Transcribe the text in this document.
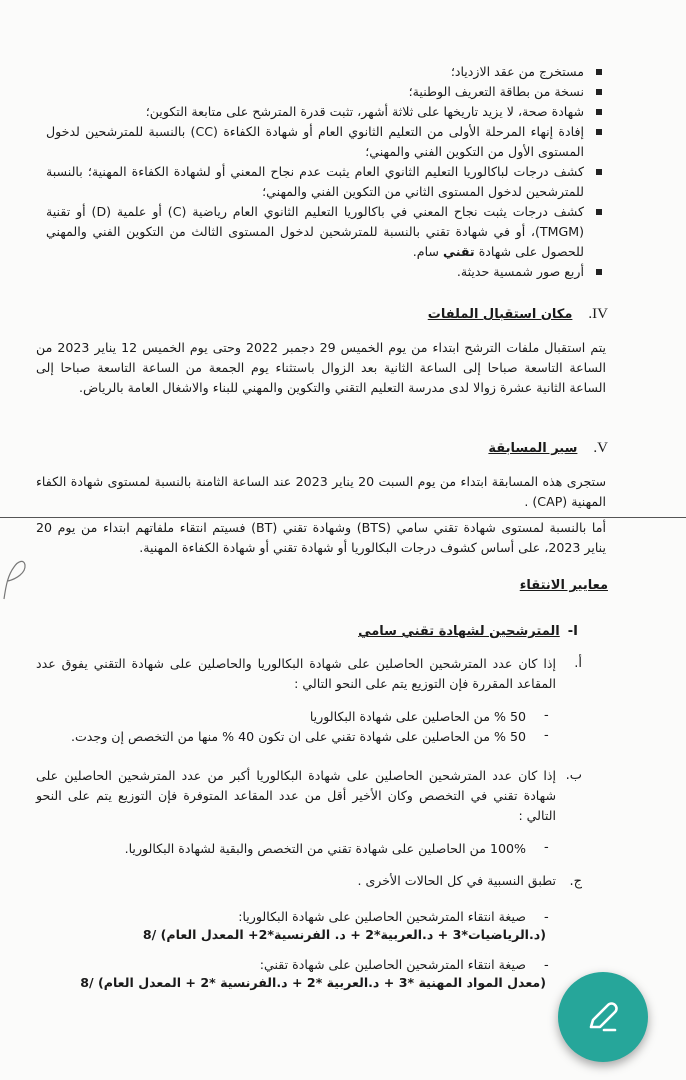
مستخرج من عقد الازدياد؛
نسخة من بطاقة التعريف الوطنية؛
شهادة صحة، لا يزيد تاريخها على ثلاثة أشهر، تثبت قدرة المترشح على متابعة التكوين؛
إفادة إنهاء المرحلة الأولى من التعليم الثانوي العام أو شهادة الكفاءة (CC) بالنسبة للمترشحين لدخول المستوى الأول من التكوين الفني والمهني؛
كشف درجات لباكالوريا التعليم الثانوي العام يثبت عدم نجاح المعني أو لشهادة الكفاءة المهنية؛ بالنسبة للمترشحين لدخول المستوى الثاني من التكوين الفني والمهني؛
كشف درجات يثبت نجاح المعني في باكالوريا التعليم الثانوي العام رياضية (C) أو علمية (D) أو تقنية (TMGM)، أو في شهادة تقني بالنسبة للمترشحين لدخول المستوى الثالث من التكوين الفني والمهني للحصول على شهادة تقني سام.
أربع صور شمسية حديثة.
IV.مكان استقبال الملفات
يتم استقبال ملفات الترشح ابتداء من يوم الخميس 29 دجمبر 2022 وحتى يوم الخميس 12 يناير 2023 من الساعة التاسعة صباحا إلى الساعة الثانية بعد الزوال باستثناء يوم الجمعة من الساعة التاسعة صباحا إلى الساعة الثانية عشرة زوالا لدى مدرسة التعليم التقني والتكوين والمهني للبناء والاشغال العامة بالرياض.
V.سير المسابقة
ستجرى هذه المسابقة ابتداء من يوم السبت 20 يناير 2023 عند الساعة الثامنة بالنسبة لمستوى شهادة الكفاء المهنية (CAP) .
أما بالنسبة لمستوى شهادة تقني سامي (BTS) وشهادة تقني (BT) فسيتم انتقاء ملفاتهم ابتداء من يوم 20 يناير 2023، على أساس كشوف درجات البكالوريا أو شهادة تقني أو شهادة الكفاءة المهنية.
معايير الانتقاء
I-المترشحين لشهادة تقني سامي
أ.
إذا كان عدد المترشحين الحاصلين على شهادة البكالوريا والحاصلين على شهادة التقني يفوق عدد المقاعد المقررة فإن التوزيع يتم على النحو التالي :
-
50 % من الحاصلين على شهادة البكالوريا
-
50 % من الحاصلين على شهادة تقني على ان تكون 40 % منها من التخصص إن وجدت.
ب.
إذا كان عدد المترشحين الحاصلين على شهادة البكالوريا أكبر من عدد المترشحين الحاصلين على شهادة تقني في التخصص وكان الأخير أقل من عدد المقاعد المتوفرة فإن التوزيع يتم على النحو التالي :
-
100% من الحاصلين على شهادة تقني من التخصص والبقية لشهادة البكالوريا.
ج.
تطبق النسبية في كل الحالات الأخرى .
-
صيغة انتقاء المترشحين الحاصلين على شهادة البكالوريا:
(د.الرياضيات*3 + د.العربية*2 + د. الفرنسية*2+ المعدل العام) /8
-
صيغة انتقاء المترشحين الحاصلين على شهادة تقني:
(معدل المواد المهنية *3 + د.العربية *2 + د.الفرنسية *2 + المعدل العام) /8
